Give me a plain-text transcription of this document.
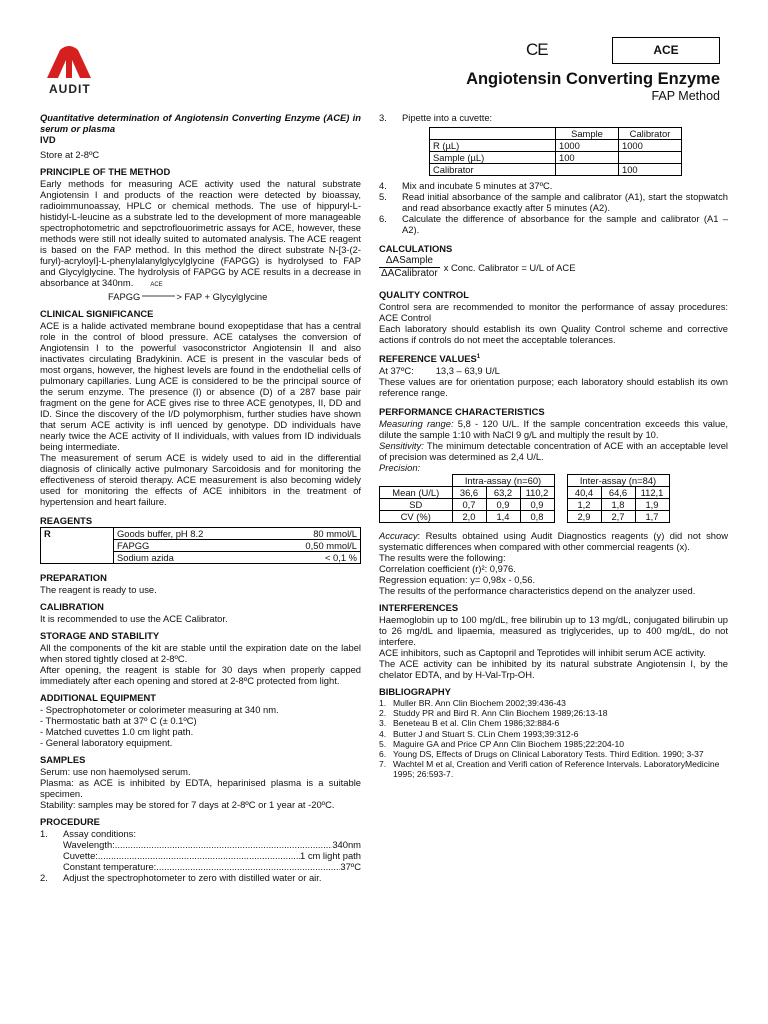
AUDIT
CE	ACE
Angiotensin Converting Enzyme
FAP Method

Quantitative determination of Angiotensin Converting Enzyme (ACE) in serum or plasma

IVD

Store at 2-8ºC

PRINCIPLE OF THE METHOD

Early methods for measuring ACE activity used the natural substrate Angiotensin I and products of the reaction were detected by bioassay, radioimmunoassay, HPLC or chemical methods. The use of hippuryl-L-histidyl-L-leucine as a substrate led to the development of more manageable spectrophotometric and sepctroflouorimetric assays for ACE, however, these methods were still not ideally suited to automated analysis. The ACE reagent is based on the FAP method. In this method the direct substrate N-[3-(2-furyl)-acryloyl]-L-phenylalanylglycylglycine (FAPGG) is hydrolysed to FAP and Glycylglycine. The hydrolysis of FAPGG by ACE results in a decrease in absorbance at 340nm.

FAPGG
ACE
> FAP + Glycylglycine
CLINICAL SIGNIFICANCE

ACE is a halide activated membrane bound exopeptidase that has a central role in the control of blood pressure. ACE catalyses the conversion of Angiotensin I to the powerful vasoconstrictor Angiotensin II and also inactivates circulating Bradykinin. ACE is present in the vascular beds of most organs, however, the highest levels are found in the endothelial cells of pulmonary capillaries. Lung ACE is considered to be the principal source of the serum enzyme. The presence (I) or absence (D) of a 287 base pair fragment on the gene for ACE gives rise to three ACE genotypes, II, DD and ID. Since the discovery of the I/D polymorphism, further studies have shown that serum ACE activity is infl uenced by genotype. DD individuals have nearly twice the ACE activity of II individuals, with values from ID individuals being intermediate.

The measurement of serum ACE is widely used to aid in the differential diagnosis of clinically active pulmonary Sarcoidosis and for monitoring the effectiveness of steroid therapy. ACE measurement is also becoming widely used for monitoring the effects of ACE inhibitors in the treatment of hypertension and heart failure.

REAGENTS
R	Goods buffer, pH 8.2	80 mmol/L
	FAPGG	0,50 mmol/L
	Sodium azida	< 0,1 %
PREPARATION

The reagent is ready to use.

CALIBRATION

It is recommended to use the ACE Calibrator.

STORAGE AND STABILITY

All the components of the kit are stable until the expiration date on the label when stored tightly closed at 2-8ºC.

After opening, the reagent is stable for 30 days when properly capped immediately after each opening and stored at 2-8ºC protected from light.

ADDITIONAL EQUIPMENT

- Spectrophotometer or colorimeter measuring at 340 nm.

- Thermostatic bath at 37º C (± 0.1ºC)

- Matched cuvettes 1.0 cm light path.

- General laboratory equipment.

SAMPLES

Serum: use non haemolysed serum.

Plasma: as ACE is inhibited by EDTA, heparinised plasma is a suitable specimen.

Stability: samples may be stored for 7 days at 2-8ºC or 1 year at -20ºC.

PROCEDURE
1.	Assay conditions:
Wavelength: .....	340nm
Cuvette: .....	1 cm light path
Constant temperature: .....	37ºC
2.	Adjust the spectrophotometer to zero with distilled water or air.
3.	Pipette into a cuvette:
	Sample	Calibrator
R (µL)	1000	1000
Sample (µL)	100	
Calibrator		100
4.	Mix and incubate 5 minutes at 37ºC.
5.	Read initial absorbance of the sample and calibrator (A1), start the stopwatch and read absorbance exactly after 5 minutes (A2).
6.	Calculate the difference of absorbance for the sample and calibrator (A1 – A2).
CALCULATIONS
$\frac{\text{ΔASample}}{\text{ΔACalibrator}}$ x Conc. Calibrator = U/L of ACE
QUALITY CONTROL

Control sera are recommended to monitor the performance of assay procedures: ACE Control

Each laboratory should establish its own Quality Control scheme and corrective actions if controls do not meet the acceptable tolerances.

REFERENCE VALUES$^1$

At 37ºC: 13,3 – 63,9 U/L

These values are for orientation purpose; each laboratory should establish its own reference range.

PERFORMANCE CHARACTERISTICS

Measuring range: 5,8 - 120 U/L. If the sample concentration exceeds this value, dilute the sample 1:10 with NaCl 9 g/L and multiply the result by 10.

Sensitivity: The minimum detectable concentration of ACE with an acceptable level of precision was determined as 2,4 U/L.

Precision:

	Intra-assay (n=60)				Inter-assay (n=84)		
Mean (U/L)	36,6	63,2	110,2		40,4	64,6	112,1
SD	0,7	0,9	0,9		1,2	1,8	1,9
CV (%)	2,0	1,4	0,8		2,9	2,7	1,7

Accuracy: Results obtained using Audit Diagnostics reagents (y) did not show systematic differences when compared with other commercial reagents (x).

The results were the following:

Correlation coefficient (r)²: 0,976.

Regression equation: y= 0,98x - 0,56.

The results of the performance characteristics depend on the analyzer used.

INTERFERENCES

Haemoglobin up to 100 mg/dL, free bilirubin up to 13 mg/dL, conjugated bilirubin up to 26 mg/dL and lipaemia, measured as triglycerides, up to 400 mg/dL, do not interfere.

ACE inhibitors, such as Captopril and Teprotides will inhibit serum ACE activity.

The ACE activity can be inhibited by its natural substrate Angiotensin I, by the chelator EDTA, and by H-Val-Trp-OH.

BIBLIOGRAPHY
1. Muller BR. Ann Clin Biochem 2002;39:436-43
2. Studdy PR and Bird R. Ann Clin Biochem 1989;26:13-18
3. Beneteau B et al. Clin Chem 1986;32:884-6
4. Butter J and Stuart S. CLin Chem 1993;39:312-6
5. Maguire GA and Price CP Ann Clin Biochem 1985;22:204-10
6. Young DS, Effects of Drugs on Clinical Laboratory Tests. Third Edition. 1990; 3-37
7. Wachtel M et al, Creation and Verifi cation of Reference Intervals. LaboratoryMedicine 1995; 26:593-7.
